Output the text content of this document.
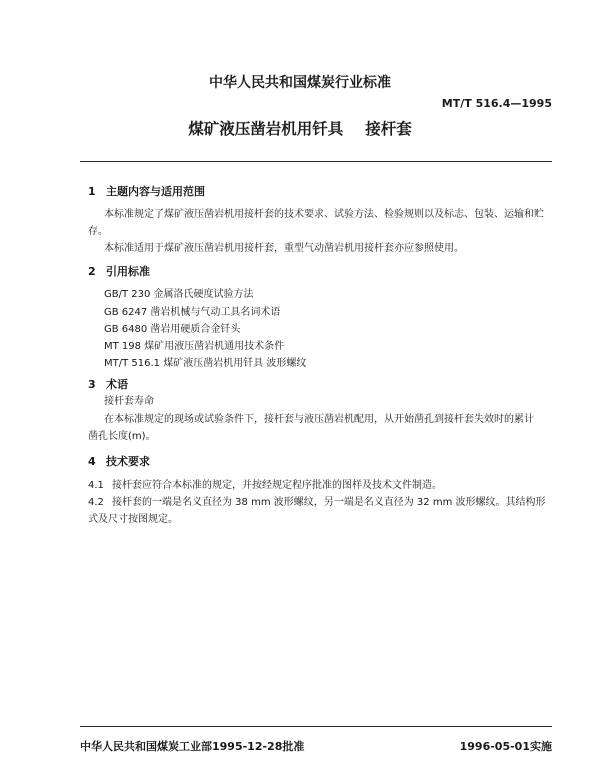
中华人民共和国煤炭行业标准
MT/T 516.4—1995
煤矿液压凿岩机用钎具 接杆套
1 主题内容与适用范围
本标准规定了煤矿液压凿岩机用接杆套的技术要求、试验方法、检验规则以及标志、包装、运输和贮
存。
本标准适用于煤矿液压凿岩机用接杆套，重型气动凿岩机用接杆套亦应参照使用。
2 引用标准
GB/T 230 金属洛氏硬度试验方法
GB 6247 凿岩机械与气动工具名词术语
GB 6480 凿岩用硬质合金钎头
MT 198 煤矿用液压凿岩机通用技术条件
MT/T 516.1 煤矿液压凿岩机用钎具 波形螺纹
3 术语
接杆套寿命
在本标准规定的现场或试验条件下，接杆套与液压凿岩机配用，从开始凿孔到接杆套失效时的累计
凿孔长度(m)。
4 技术要求
4.1 接杆套应符合本标准的规定，并按经规定程序批准的图样及技术文件制造。
4.2 接杆套的一端是名义直径为 38 mm 波形螺纹，另一端是名义直径为 32 mm 波形螺纹。其结构形
式及尺寸按图规定。
中华人民共和国煤炭工业部1995-12-28批准	1996-05-01实施
